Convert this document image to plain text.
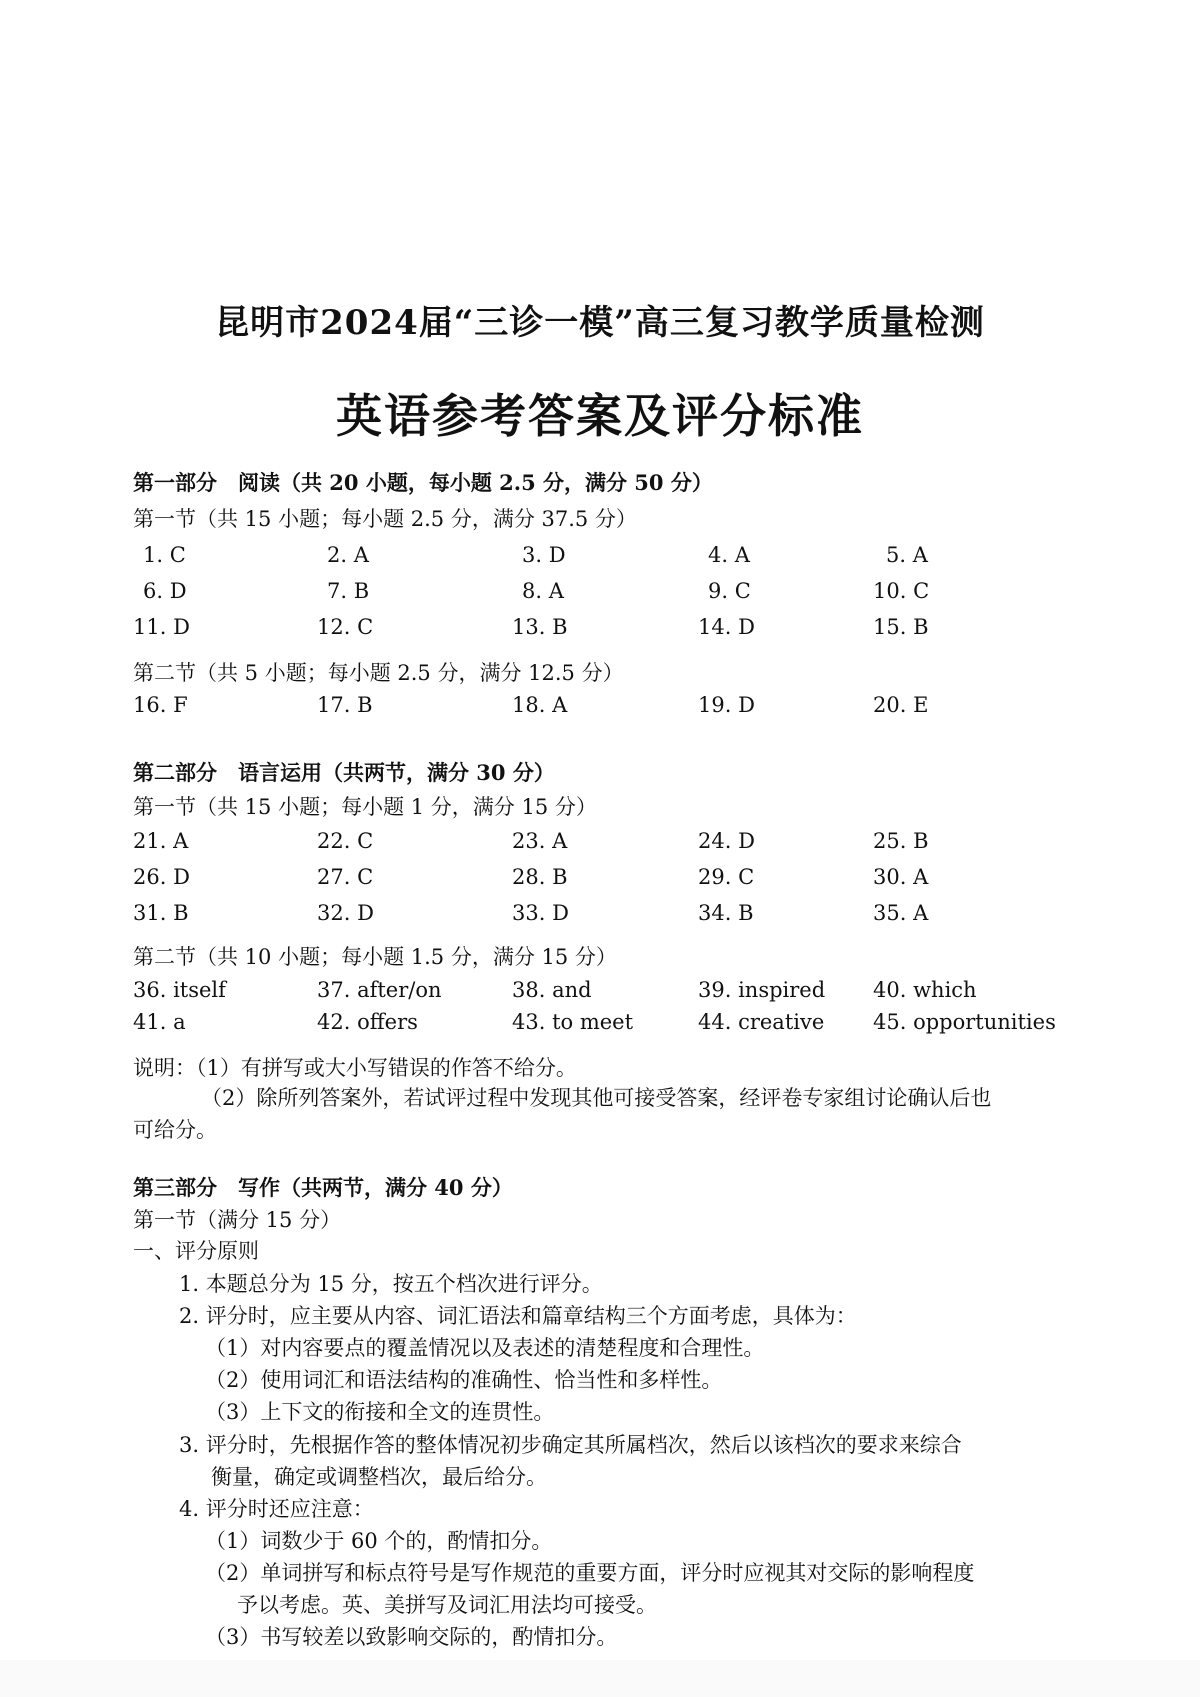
昆明市2024届“三诊一模”高三复习教学质量检测
英语参考答案及评分标准
第一部分　阅读（共 20 小题，每小题 2.5 分，满分 50 分）
第一节（共 15 小题；每小题 2.5 分，满分 37.5 分）
1. C	2. A	3. D	4. A	5. A
6. D	7. B	8. A	9. C	10. C
11. D	12. C	13. B	14. D	15. B
第二节（共 5 小题；每小题 2.5 分，满分 12.5 分）
16. F	17. B	18. A	19. D	20. E
第二部分　语言运用（共两节，满分 30 分）
第一节（共 15 小题；每小题 1 分，满分 15 分）
21. A	22. C	23. A	24. D	25. B
26. D	27. C	28. B	29. C	30. A
31. B	32. D	33. D	34. B	35. A
第二节（共 10 小题；每小题 1.5 分，满分 15 分）
36. itself	37. after/on	38. and	39. inspired 40. which
41. a	42. offers	43. to meet	44. creative 45. opportunities
说明：（1）有拼写或大小写错误的作答不给分。
（2）除所列答案外，若试评过程中发现其他可接受答案，经评卷专家组讨论确认后也
可给分。
第三部分　写作（共两节，满分 40 分）
第一节（满分 15 分）
一、评分原则
1. 本题总分为 15 分，按五个档次进行评分。
2. 评分时，应主要从内容、词汇语法和篇章结构三个方面考虑，具体为：
（1）对内容要点的覆盖情况以及表述的清楚程度和合理性。
（2）使用词汇和语法结构的准确性、恰当性和多样性。
（3）上下文的衔接和全文的连贯性。
3. 评分时，先根据作答的整体情况初步确定其所属档次，然后以该档次的要求来综合
衡量，确定或调整档次，最后给分。
4. 评分时还应注意：
（1）词数少于 60 个的，酌情扣分。
（2）单词拼写和标点符号是写作规范的重要方面，评分时应视其对交际的影响程度
予以考虑。英、美拼写及词汇用法均可接受。
（3）书写较差以致影响交际的，酌情扣分。
